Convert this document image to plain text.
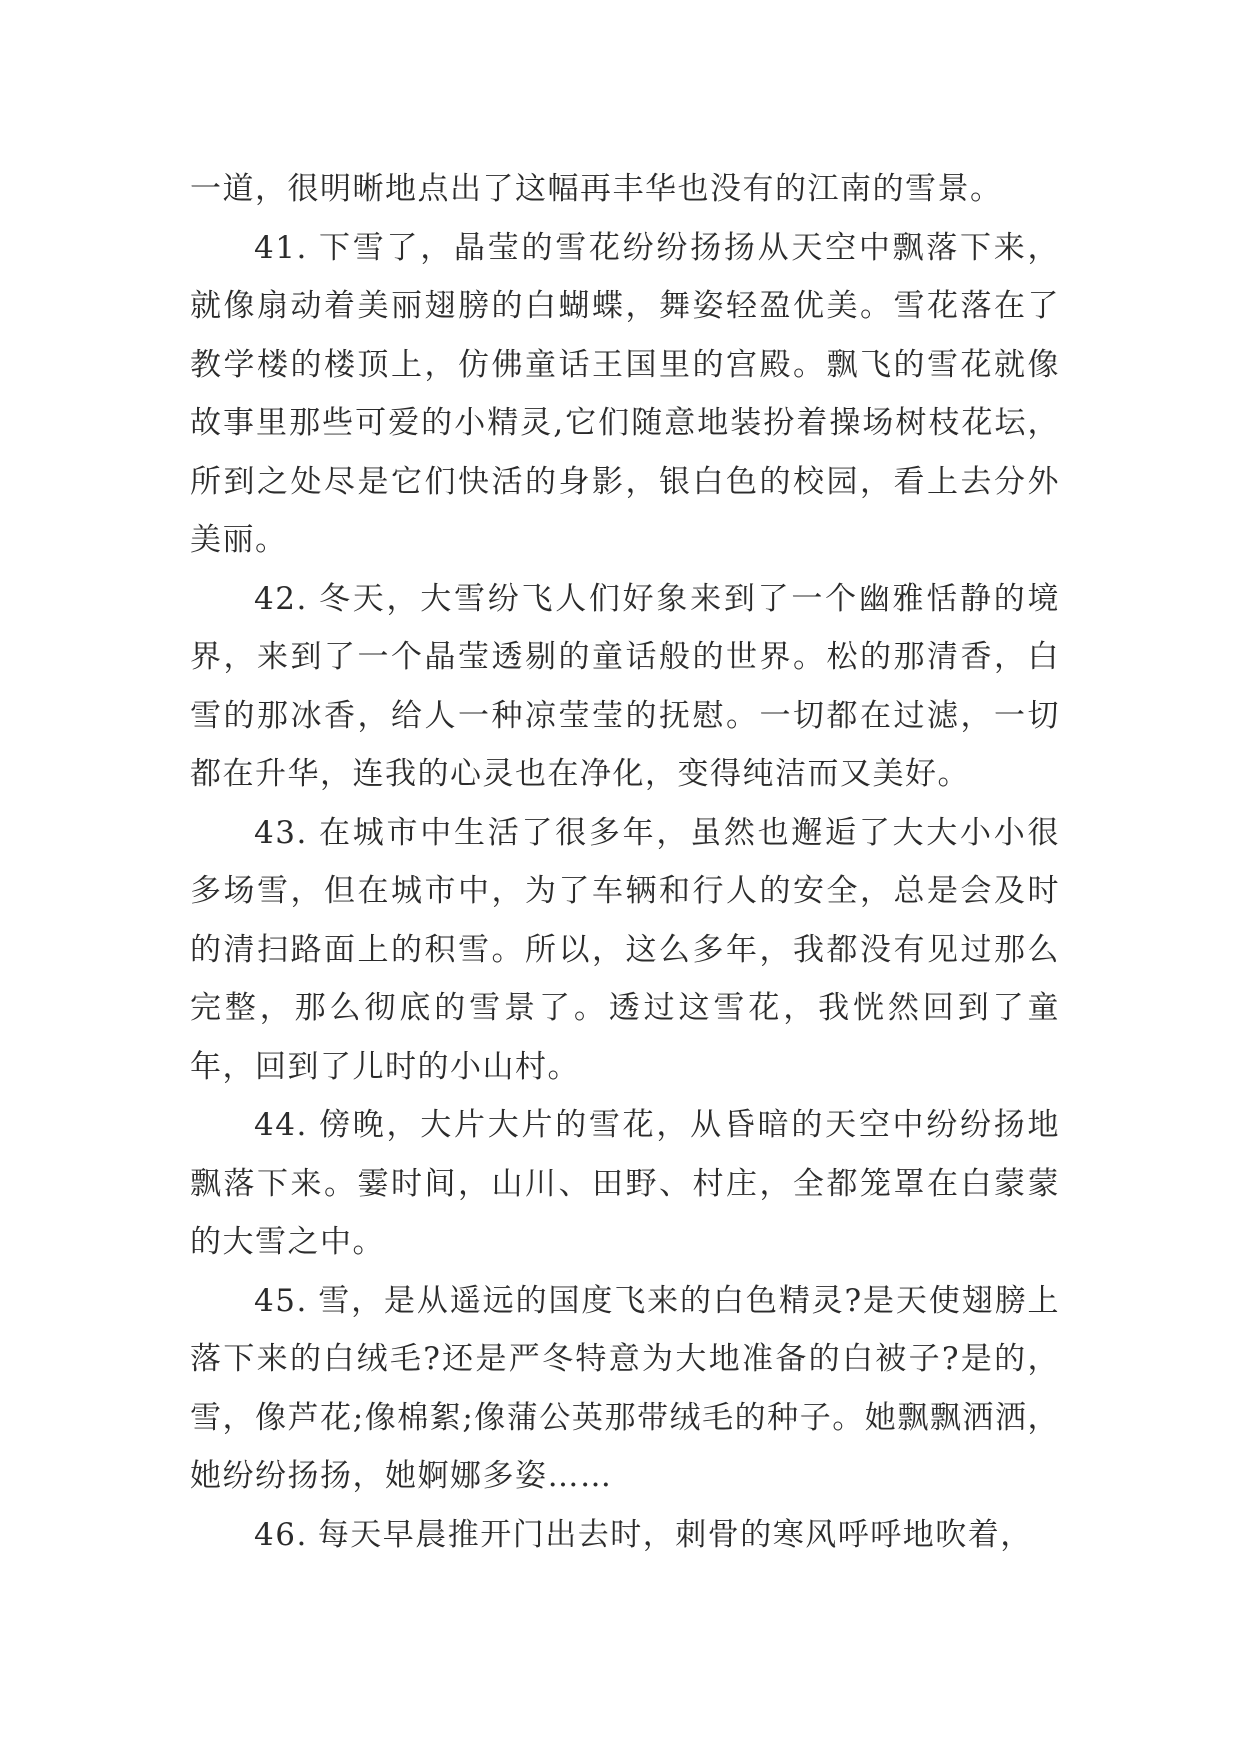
一道，很明晰地点出了这幅再丰华也没有的江南的雪景。

41. 下雪了，晶莹的雪花纷纷扬扬从天空中飘落下来，就像扇动着美丽翅膀的白蝴蝶，舞姿轻盈优美。雪花落在了教学楼的楼顶上，仿佛童话王国里的宫殿。飘飞的雪花就像故事里那些可爱的小精灵,它们随意地装扮着操场树枝花坛，所到之处尽是它们快活的身影，银白色的校园，看上去分外美丽。

42. 冬天，大雪纷飞人们好象来到了一个幽雅恬静的境界，来到了一个晶莹透剔的童话般的世界。松的那清香，白雪的那冰香，给人一种凉莹莹的抚慰。一切都在过滤，一切都在升华，连我的心灵也在净化，变得纯洁而又美好。

43. 在城市中生活了很多年，虽然也邂逅了大大小小很多场雪，但在城市中，为了车辆和行人的安全，总是会及时的清扫路面上的积雪。所以，这么多年，我都没有见过那么完整，那么彻底的雪景了。透过这雪花，我恍然回到了童年，回到了儿时的小山村。

44. 傍晚，大片大片的雪花，从昏暗的天空中纷纷扬地飘落下来。霎时间，山川、田野、村庄，全都笼罩在白蒙蒙的大雪之中。

45. 雪，是从遥远的国度飞来的白色精灵?是天使翅膀上落下来的白绒毛?还是严冬特意为大地准备的白被子?是的，雪，像芦花;像棉絮;像蒲公英那带绒毛的种子。她飘飘洒洒，她纷纷扬扬，她婀娜多姿……

46. 每天早晨推开门出去时，刺骨的寒风呼呼地吹着，
